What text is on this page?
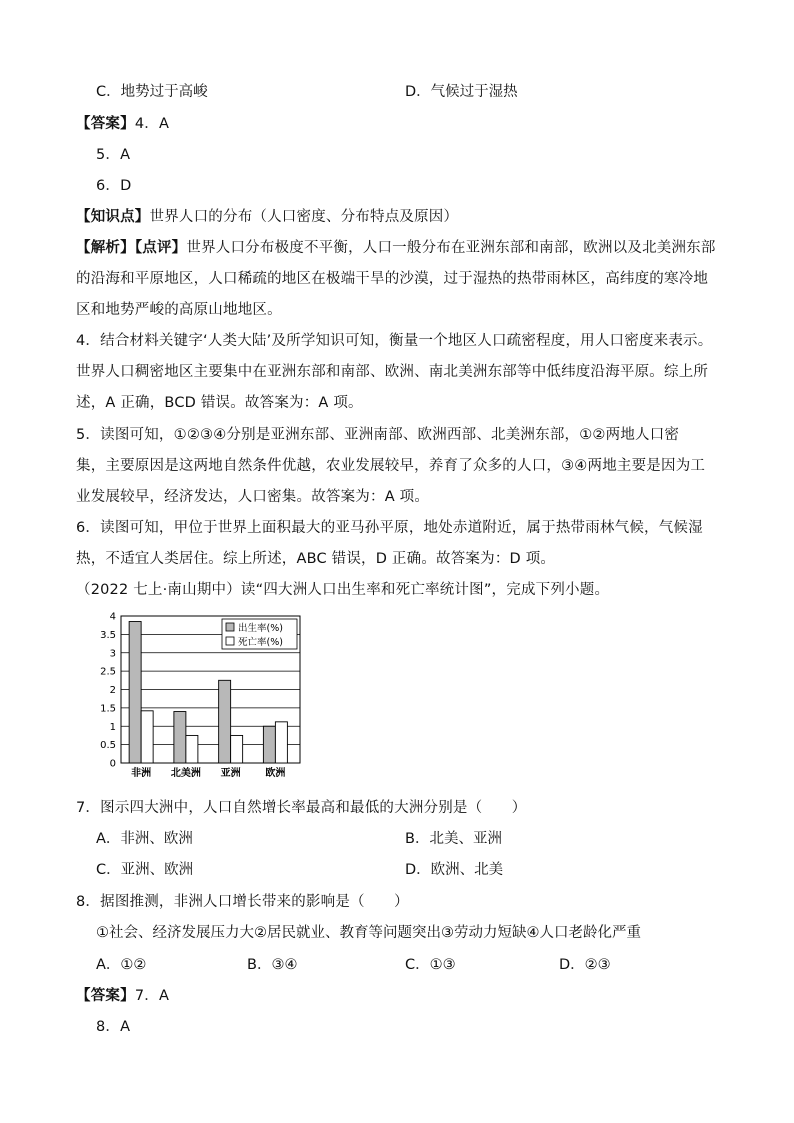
C．地势过于高峻	D．气候过于湿热
【答案】4．A
5．A
6．D
【知识点】世界人口的分布（人口密度、分布特点及原因）
【解析】【点评】世界人口分布极度不平衡，人口一般分布在亚洲东部和南部，欧洲以及北美洲东部
的沿海和平原地区，人口稀疏的地区在极端干旱的沙漠，过于湿热的热带雨林区，高纬度的寒冷地
区和地势严峻的高原山地地区。
4．结合材料关键字‘人类大陆’及所学知识可知，衡量一个地区人口疏密程度，用人口密度来表示。
世界人口稠密地区主要集中在亚洲东部和南部、欧洲、南北美洲东部等中低纬度沿海平原。综上所
述，A 正确，BCD 错误。故答案为：A 项。
5．读图可知，①②③④分别是亚洲东部、亚洲南部、欧洲西部、北美洲东部，①②两地人口密
集，主要原因是这两地自然条件优越，农业发展较早，养育了众多的人口，③④两地主要是因为工
业发展较早，经济发达，人口密集。故答案为：A 项。
6．读图可知，甲位于世界上面积最大的亚马孙平原，地处赤道附近，属于热带雨林气候，气候湿
热，不适宜人类居住。综上所述，ABC 错误，D 正确。故答案为：D 项。
（2022 七上·南山期中）读“四大洲人口出生率和死亡率统计图”，完成下列小题。
0
0.5
1
1.5
2
2.5
3
3.5
4
非洲 北美洲 亚洲 欧洲
出生率(%)
死亡率(%)
7．图示四大洲中，人口自然增长率最高和最低的大洲分别是（　　）
A．非洲、欧洲	B．北美、亚洲
C．亚洲、欧洲	D．欧洲、北美
8．据图推测，非洲人口增长带来的影响是（　　）
①社会、经济发展压力大②居民就业、教育等问题突出③劳动力短缺④人口老龄化严重
A．①②	B．③④	C．①③	D．②③
【答案】7．A
8．A
